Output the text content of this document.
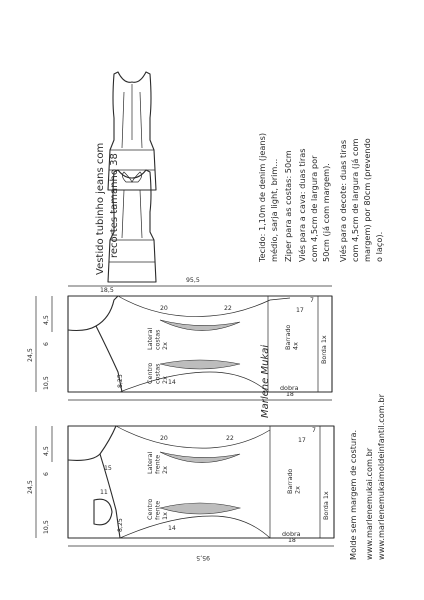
Vestido tubinho jeans com recortes tamanho 38	Tecido: 1,10m de denim (jeans) médio, sarja light, brim... Ziper para as costas: 50cm Viés para a cava: duas tiras com 4,5cm de largura por 50cm (já com margem). Viés para o decote: duas tiras com 4,5cm de largura (já com margem) por 80cm (prevendo o laço).
Lateralcostas2x
Centrocostas2x
Barrado4x	Borda 1x
dobra
24,5
10,5
6
4,5
18,5
20
95,5
22
14
17
7
18
8,25	Marlene Mukai
Lateralfrente2x
Centrofrente1x
Barrado2x
Borda 1x
dobra
24,5
10,5
6
4,5
11
15
20	22
14
17
7
18
95,5
8,25	Molde sem margem de costura. www.marlenemukai.com.br www.marlenemukaimoldeinfantil.com.br
